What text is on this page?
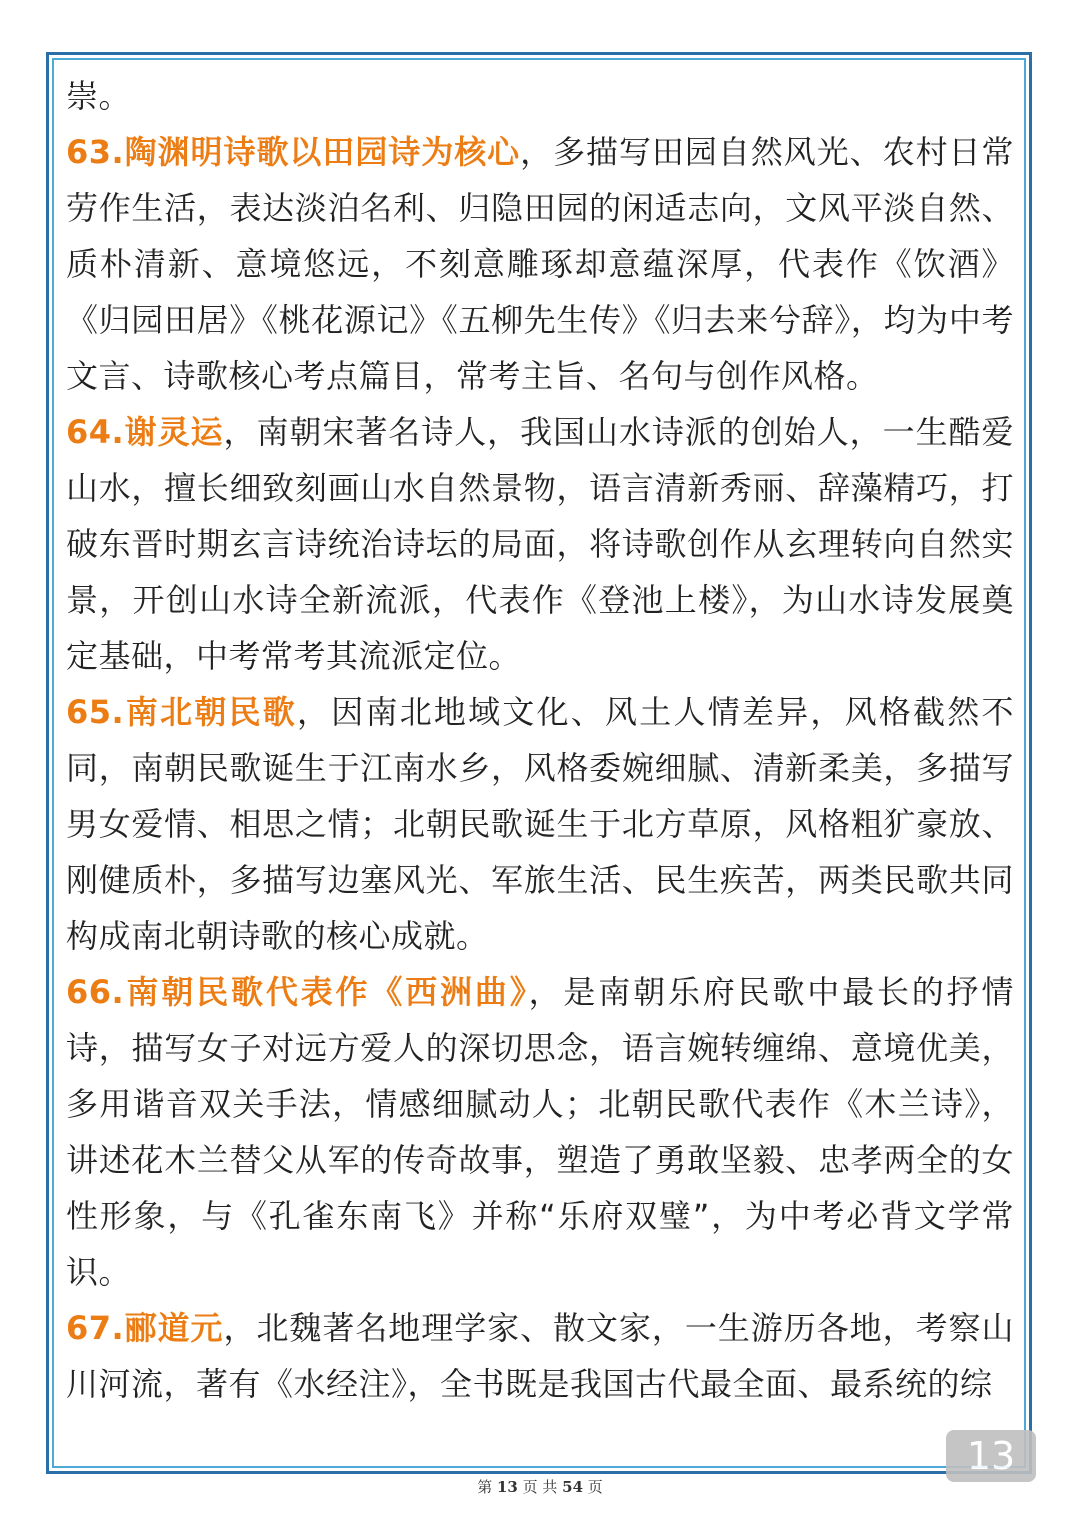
崇。

63.陶渊明诗歌以田园诗为核心，多描写田园自然风光、农村日常劳作生活，表达淡泊名利、归隐田园的闲适志向，文风平淡自然、质朴清新、意境悠远，不刻意雕琢却意蕴深厚，代表作《饮酒》《归园田居》《桃花源记》《五柳先生传》《归去来兮辞》，均为中考文言、诗歌核心考点篇目，常考主旨、名句与创作风格。

64.谢灵运，南朝宋著名诗人，我国山水诗派的创始人，一生酷爱山水，擅长细致刻画山水自然景物，语言清新秀丽、辞藻精巧，打破东晋时期玄言诗统治诗坛的局面，将诗歌创作从玄理转向自然实景，开创山水诗全新流派，代表作《登池上楼》，为山水诗发展奠定基础，中考常考其流派定位。

65.南北朝民歌，因南北地域文化、风土人情差异，风格截然不同，南朝民歌诞生于江南水乡，风格委婉细腻、清新柔美，多描写男女爱情、相思之情；北朝民歌诞生于北方草原，风格粗犷豪放、刚健质朴，多描写边塞风光、军旅生活、民生疾苦，两类民歌共同构成南北朝诗歌的核心成就。

66.南朝民歌代表作《西洲曲》，是南朝乐府民歌中最长的抒情诗，描写女子对远方爱人的深切思念，语言婉转缠绵、意境优美，多用谐音双关手法，情感细腻动人；北朝民歌代表作《木兰诗》，讲述花木兰替父从军的传奇故事，塑造了勇敢坚毅、忠孝两全的女性形象，与《孔雀东南飞》并称“乐府双璧”，为中考必背文学常识。

67.郦道元，北魏著名地理学家、散文家，一生游历各地，考察山川河流，著有《水经注》，全书既是我国古代最全面、最系统的综

13
第 13 页 共 54 页
